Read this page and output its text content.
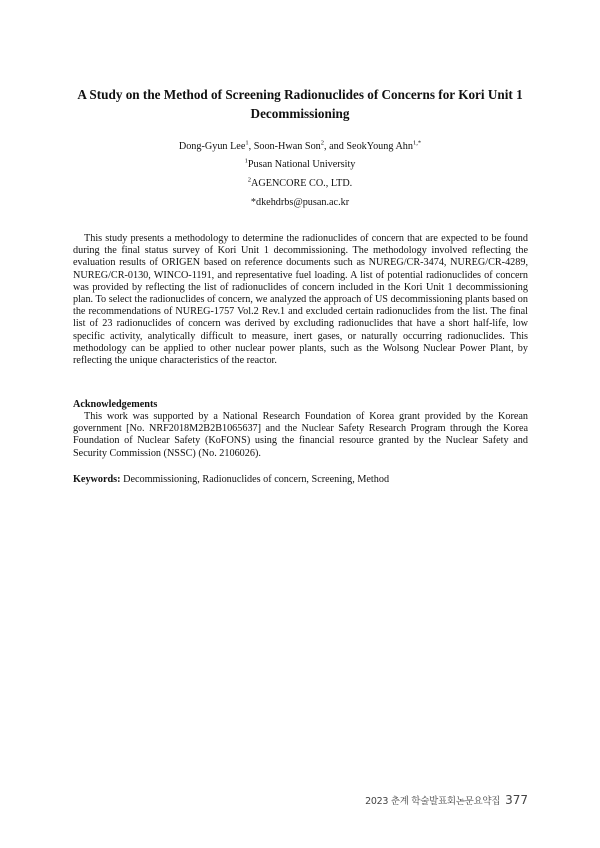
A Study on the Method of Screening Radionuclides of Concerns for Kori Unit 1 Decommissioning
Dong-Gyun Lee$^1$, Soon-Hwan Son$^2$, and SeokYoung Ahn$^{1,*}$
$^1$Pusan National University
$^2$AGENCORE CO., LTD.
*dkehdrbs@pusan.ac.kr

This study presents a methodology to determine the radionuclides of concern that are expected to be found during the final status survey of Kori Unit 1 decommissioning. The methodology involved reflecting the evaluation results of ORIGEN based on reference documents such as NUREG/CR-3474, NUREG/CR-4289, NUREG/CR-0130, WINCO-1191, and representative fuel loading. A list of potential radionuclides of concern was provided by reflecting the list of radionuclides of concern included in the Kori Unit 1 decommissioning plan. To select the radionuclides of concern, we analyzed the approach of US decommissioning plants based on the recommendations of NUREG-1757 Vol.2 Rev.1 and excluded certain radionuclides from the list. The final list of 23 radionuclides of concern was derived by excluding radionuclides that have a short half-life, low specific activity, analytically difficult to measure, inert gases, or naturally occurring radionuclides. This methodology can be applied to other nuclear power plants, such as the Wolsong Nuclear Power Plant, by reflecting the unique characteristics of the reactor.

Acknowledgements

This work was supported by a National Research Foundation of Korea grant provided by the Korean government [No. NRF2018M2B2B1065637] and the Nuclear Safety Research Program through the Korea Foundation of Nuclear Safety (KoFONS) using the financial resource granted by the Nuclear Safety and Security Commission (NSSC) (No. 2106026).

Keywords: Decommissioning, Radionuclides of concern, Screening, Method
2023 춘계 학술발표회논문요약집 377
